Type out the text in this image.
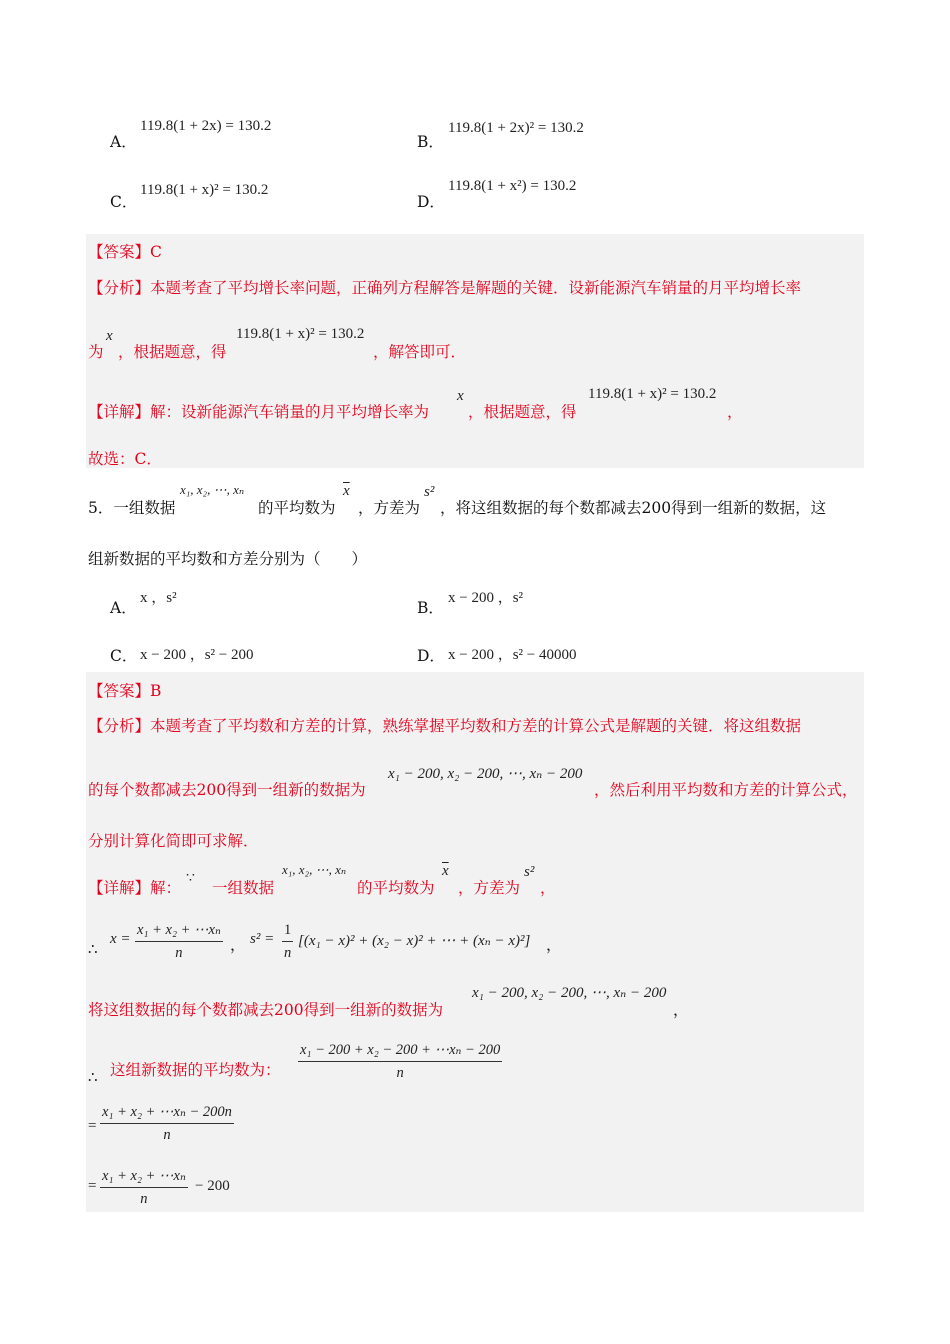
A．
119.8(1 + 2x) = 130.2
B．
119.8(1 + 2x)² = 130.2
C．
119.8(1 + x)² = 130.2
D．
119.8(1 + x²) = 130.2
【答案】C
【分析】本题考查了平均增长率问题，正确列方程解答是解题的关键．设新能源汽车销量的月平均增长率
为
x
，根据题意，得
119.8(1 + x)² = 130.2
，解答即可．
【详解】解：设新能源汽车销量的月平均增长率为
x
，根据题意，得
119.8(1 + x)² = 130.2
，
故选：C．
5．一组数据
x₁, x₂, ⋯, xₙ
的平均数为
$\overline{x}$
，方差为
s²
，将这组数据的每个数都减去200得到一组新的数据，这
组新数据的平均数和方差分别为（　　）
A．
x ，s²
B．
x − 200 ，s²
C． x − 200 ，s² − 200	D． x − 200 ，s² − 40000
【答案】B
【分析】本题考查了平均数和方差的计算，熟练掌握平均数和方差的计算公式是解题的关键．将这组数据
的每个数都减去200得到一组新的数据为
x₁ − 200, x₂ − 200, ⋯, xₙ − 200
，然后利用平均数和方差的计算公式，
分别计算化简即可求解．
【详解】解：
∵
一组数据
x₁, x₂, ⋯, xₙ
的平均数为
$\overline{x}$
，方差为
s²
，
∴
$x = \frac{\text{x₁ + x₂ + ⋯xₙ}}{n}$ ， $s^2 = \frac{1}{n} [(x_1 - x)^2 + (x_2 - x)^2$ + ⋯ + (xₙ − x)²] ，
将这组数据的每个数都减去200得到一组新的数据为
x₁ − 200, x₂ − 200, ⋯, xₙ − 200
，
∴ 这组新数据的平均数为： $\frac{\text{x₁ − 200 + x₂ − 200 + ⋯xₙ − 200}}{n}$
= $\frac{\text{x₁ + x₂ + ⋯xₙ − 200n}}{n}$
= $\frac{\text{x₁ + x₂ + ⋯xₙ}}{n} - 200$
